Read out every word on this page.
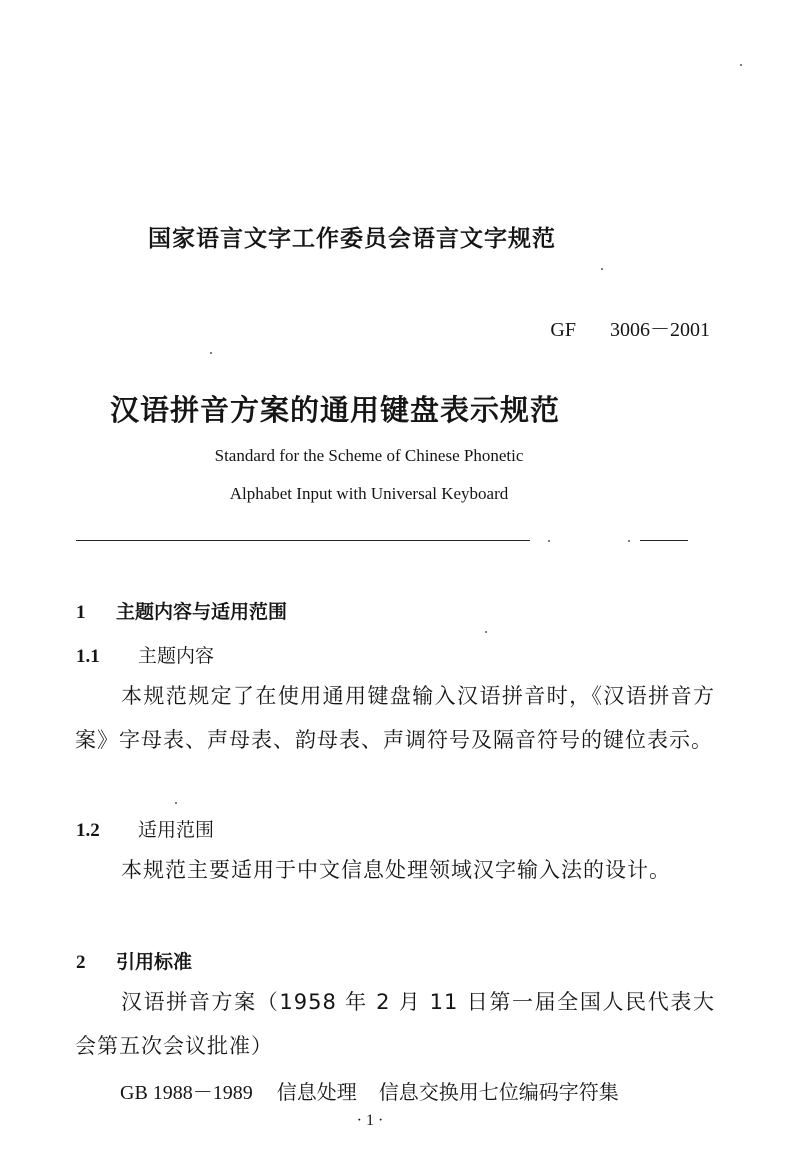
国家语言文字工作委员会语言文字规范
GF 3006－2001
汉语拼音方案的通用键盘表示规范
Standard for the Scheme of Chinese Phonetic
Alphabet Input with Universal Keyboard
1 主题内容与适用范围
1.1 主题内容
本规范规定了在使用通用键盘输入汉语拼音时，《汉语拼音方案》字母表、声母表、韵母表、声调符号及隔音符号的键位表示。
1.2 适用范围
本规范主要适用于中文信息处理领域汉字输入法的设计。
2 引用标准
汉语拼音方案（1958 年 2 月 11 日第一届全国人民代表大会第五次会议批准）
GB 1988－1989 信息处理 信息交换用七位编码字符集
· 1 ·
